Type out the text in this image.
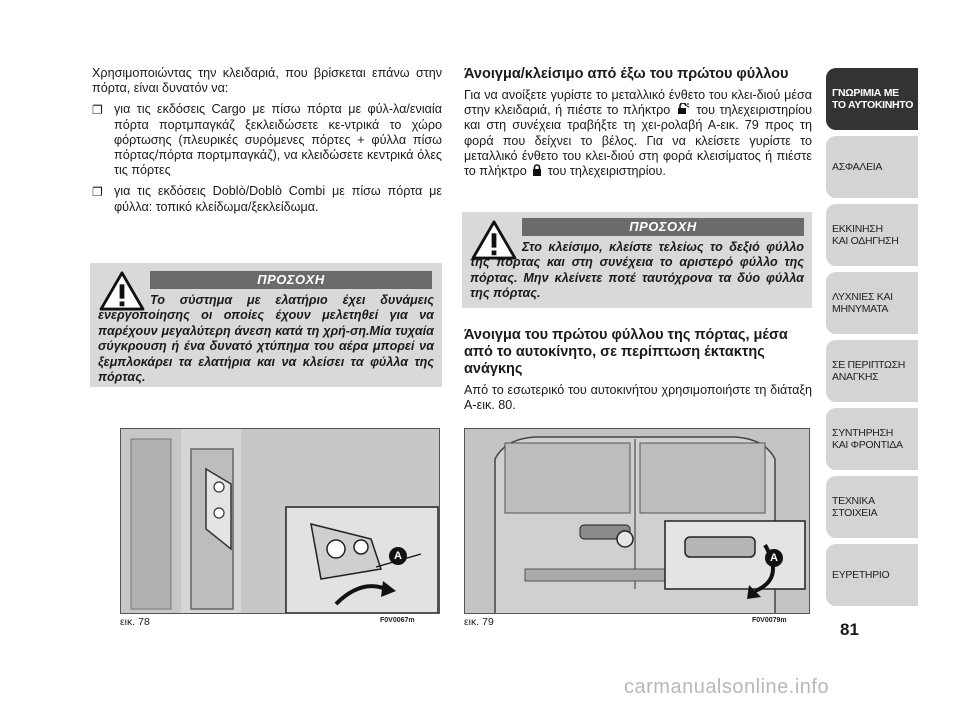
Χρησιμοποιώντας την κλειδαριά, που βρίσκεται επάνω στην πόρτα, είναι δυνατόν να:

❐ για τις εκδόσεις Cargo με πίσω πόρτα με φύλ-λα/ενιαία πόρτα πορτμπαγκάζ ξεκλειδώσετε κε-ντρικά το χώρο φόρτωσης (πλευρικές συρόμενες πόρτες + φύλλα πίσω πόρτας/πόρτα πορτμπαγκάζ), να κλειδώσετε κεντρικά όλες τις πόρτες
❐ για τις εκδόσεις Doblò/Doblò Combi με πίσω πόρτα με φύλλα: τοπικό κλείδωμα/ξεκλείδωμα.
ΠΡΟΣΟΧΗ
Το σύστημα με ελατήριο έχει δυνάμεις ενεργοποίησης οι οποίες έχουν μελετηθεί για να παρέχουν μεγαλύτερη άνεση κατά τη χρή-ση.Μία τυχαία σύγκρουση ή ένα δυνατό χτύπημα του αέρα μπορεί να ξεμπλοκάρει τα ελατήρια και να κλείσει τα φύλλα της πόρτας.
A
εικ. 78	F0V0067m
Άνοιγμα/κλείσιμο από έξω του πρώτου φύλλου

Για να ανοίξετε γυρίστε το μεταλλικό ένθετο του κλει-διού μέσα στην κλειδαριά, ή πιέστε το πλήκτρο του τηλεχειριστηρίου και στη συνέχεια τραβήξτε τη χει-ρολαβή Α-εικ. 79 προς τη φορά που δείχνει το βέλος. Για να κλείσετε γυρίστε το μεταλλικό ένθετο του κλει-διού στη φορά κλεισίματος ή πιέστε το πλήκτρο του τηλεχειριστηρίου.

ΠΡΟΣΟΧΗ
Στο κλείσιμο, κλείστε τελείως το δεξιό φύλλο της πόρτας και στη συνέχεια το αριστερό φύλλο της πόρτας. Μην κλείνετε ποτέ ταυτόχρονα τα δύο φύλλα της πόρτας.
Άνοιγμα του πρώτου φύλλου της πόρτας, μέσα από το αυτοκίνητο, σε περίπτωση έκτακτης ανάγκης

Από το εσωτερικό του αυτοκινήτου χρησιμοποιήστε τη διάταξη Α-εικ. 80.

A
εικ. 79	F0V0079m
ΓΝΩΡΙΜΙΑ ΜΕ
ΤΟ ΑΥΤΟΚΙΝΗΤΟ
ΑΣΦΑΛΕΙΑ
ΕΚΚΙΝΗΣΗ
ΚΑΙ ΟΔΗΓΗΣΗ
ΛΥΧΝΙΕΣ ΚΑΙ
ΜΗΝΥΜΑΤΑ
ΣΕ ΠΕΡΙΠΤΩΣΗ
ΑΝΑΓΚΗΣ
ΣΥΝΤΗΡΗΣΗ
ΚΑΙ ΦΡΟΝΤΙΔΑ
ΤΕΧΝΙΚΑ
ΣΤΟΙΧΕΙΑ
ΕΥΡΕΤΗΡΙΟ
81
carmanualsonline.info
